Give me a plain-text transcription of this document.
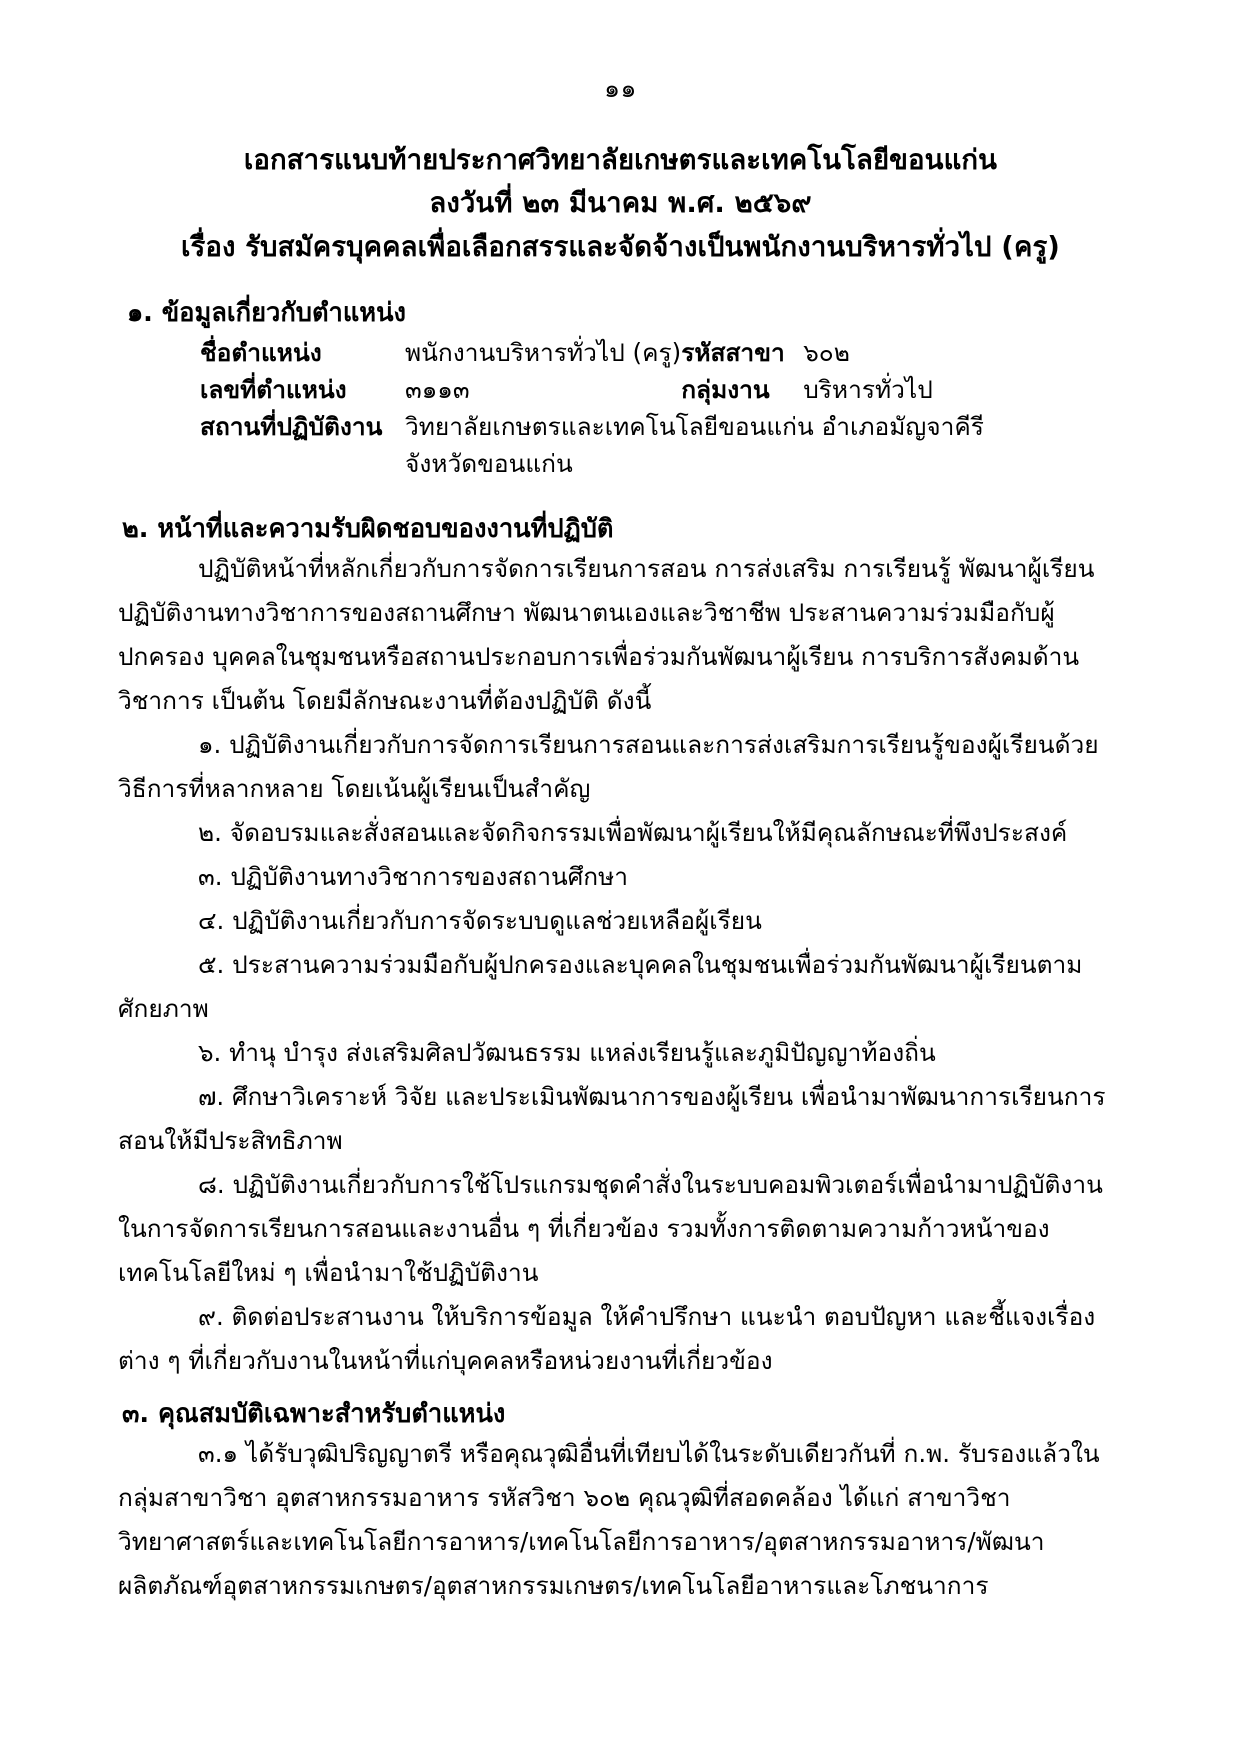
๑๑
เอกสารแนบท้ายประกาศวิทยาลัยเกษตรและเทคโนโลยีขอนแก่น
ลงวันที่ ๒๓ มีนาคม พ.ศ. ๒๕๖๙
เรื่อง รับสมัครบุคคลเพื่อเลือกสรรและจัดจ้างเป็นพนักงานบริหารทั่วไป (ครู)
๑. ข้อมูลเกี่ยวกับตำแหน่ง
ชื่อตำแหน่ง	พนักงานบริหารทั่วไป (ครู)	รหัสสาขา	๖๐๒
เลขที่ตำแหน่ง	๓๑๑๓	กลุ่มงาน	บริหารทั่วไป
สถานที่ปฏิบัติงาน	วิทยาลัยเกษตรและเทคโนโลยีขอนแก่น อำเภอมัญจาคีรี		
จังหวัดขอนแก่น
๒. หน้าที่และความรับผิดชอบของงานที่ปฏิบัติ

ปฏิบัติหน้าที่หลักเกี่ยวกับการจัดการเรียนการสอน การส่งเสริม การเรียนรู้ พัฒนาผู้เรียน ปฏิบัติงานทางวิชาการของสถานศึกษา พัฒนาตนเองและวิชาชีพ ประสานความร่วมมือกับผู้ปกครอง บุคคลในชุมชนหรือสถานประกอบการเพื่อร่วมกันพัฒนาผู้เรียน การบริการสังคมด้านวิชาการ เป็นต้น โดยมีลักษณะงานที่ต้องปฏิบัติ ดังนี้

๑. ปฏิบัติงานเกี่ยวกับการจัดการเรียนการสอนและการส่งเสริมการเรียนรู้ของผู้เรียนด้วยวิธีการที่หลากหลาย โดยเน้นผู้เรียนเป็นสำคัญ

๒. จัดอบรมและสั่งสอนและจัดกิจกรรมเพื่อพัฒนาผู้เรียนให้มีคุณลักษณะที่พึงประสงค์

๓. ปฏิบัติงานทางวิชาการของสถานศึกษา

๔. ปฏิบัติงานเกี่ยวกับการจัดระบบดูแลช่วยเหลือผู้เรียน

๕. ประสานความร่วมมือกับผู้ปกครองและบุคคลในชุมชนเพื่อร่วมกันพัฒนาผู้เรียนตามศักยภาพ

๖. ทำนุ บำรุง ส่งเสริมศิลปวัฒนธรรม แหล่งเรียนรู้และภูมิปัญญาท้องถิ่น

๗. ศึกษาวิเคราะห์ วิจัย และประเมินพัฒนาการของผู้เรียน เพื่อนำมาพัฒนาการเรียนการสอนให้มีประสิทธิภาพ

๘. ปฏิบัติงานเกี่ยวกับการใช้โปรแกรมชุดคำสั่งในระบบคอมพิวเตอร์เพื่อนำมาปฏิบัติงานในการจัดการเรียนการสอนและงานอื่น ๆ ที่เกี่ยวข้อง รวมทั้งการติดตามความก้าวหน้าของเทคโนโลยีใหม่ ๆ เพื่อนำมาใช้ปฏิบัติงาน

๙. ติดต่อประสานงาน ให้บริการข้อมูล ให้คำปรึกษา แนะนำ ตอบปัญหา และชี้แจงเรื่องต่าง ๆ ที่เกี่ยวกับงานในหน้าที่แก่บุคคลหรือหน่วยงานที่เกี่ยวข้อง

๓. คุณสมบัติเฉพาะสำหรับตำแหน่ง

๓.๑ ได้รับวุฒิปริญญาตรี หรือคุณวุฒิอื่นที่เทียบได้ในระดับเดียวกันที่ ก.พ. รับรองแล้วในกลุ่มสาขาวิชา อุตสาหกรรมอาหาร รหัสวิชา ๖๐๒ คุณวุฒิที่สอดคล้อง ได้แก่ สาขาวิชาวิทยาศาสตร์และเทคโนโลยีการอาหาร/เทคโนโลยีการอาหาร/อุตสาหกรรมอาหาร/พัฒนาผลิตภัณฑ์อุตสาหกรรมเกษตร/อุตสาหกรรมเกษตร/เทคโนโลยีอาหารและโภชนาการ
